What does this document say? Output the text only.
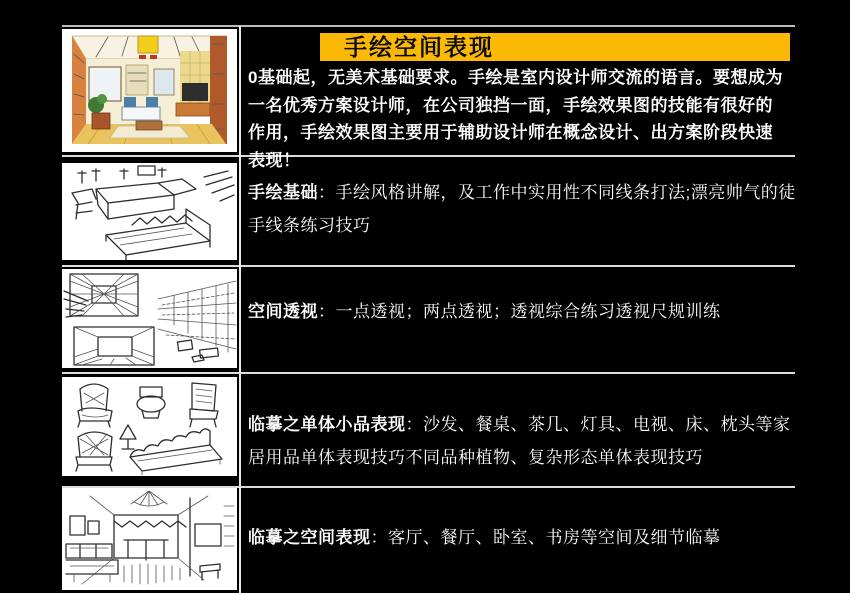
手绘空间表现

0基础起，无美术基础要求。手绘是室内设计师交流的语言。要想成为一名优秀方案设计师，在公司独挡一面，手绘效果图的技能有很好的作用，手绘效果图主要用于辅助设计师在概念设计、出方案阶段快速表现！

手绘基础：手绘风格讲解，及工作中实用性不同线条打法;漂亮帅气的徒手线条练习技巧
空间透视：一点透视；两点透视；透视综合练习透视尺规训练
临摹之单体小品表现：沙发、餐桌、茶几、灯具、电视、床、枕头等家居用品单体表现技巧不同品种植物、复杂形态单体表现技巧
临摹之空间表现：客厅、餐厅、卧室、书房等空间及细节临摹
